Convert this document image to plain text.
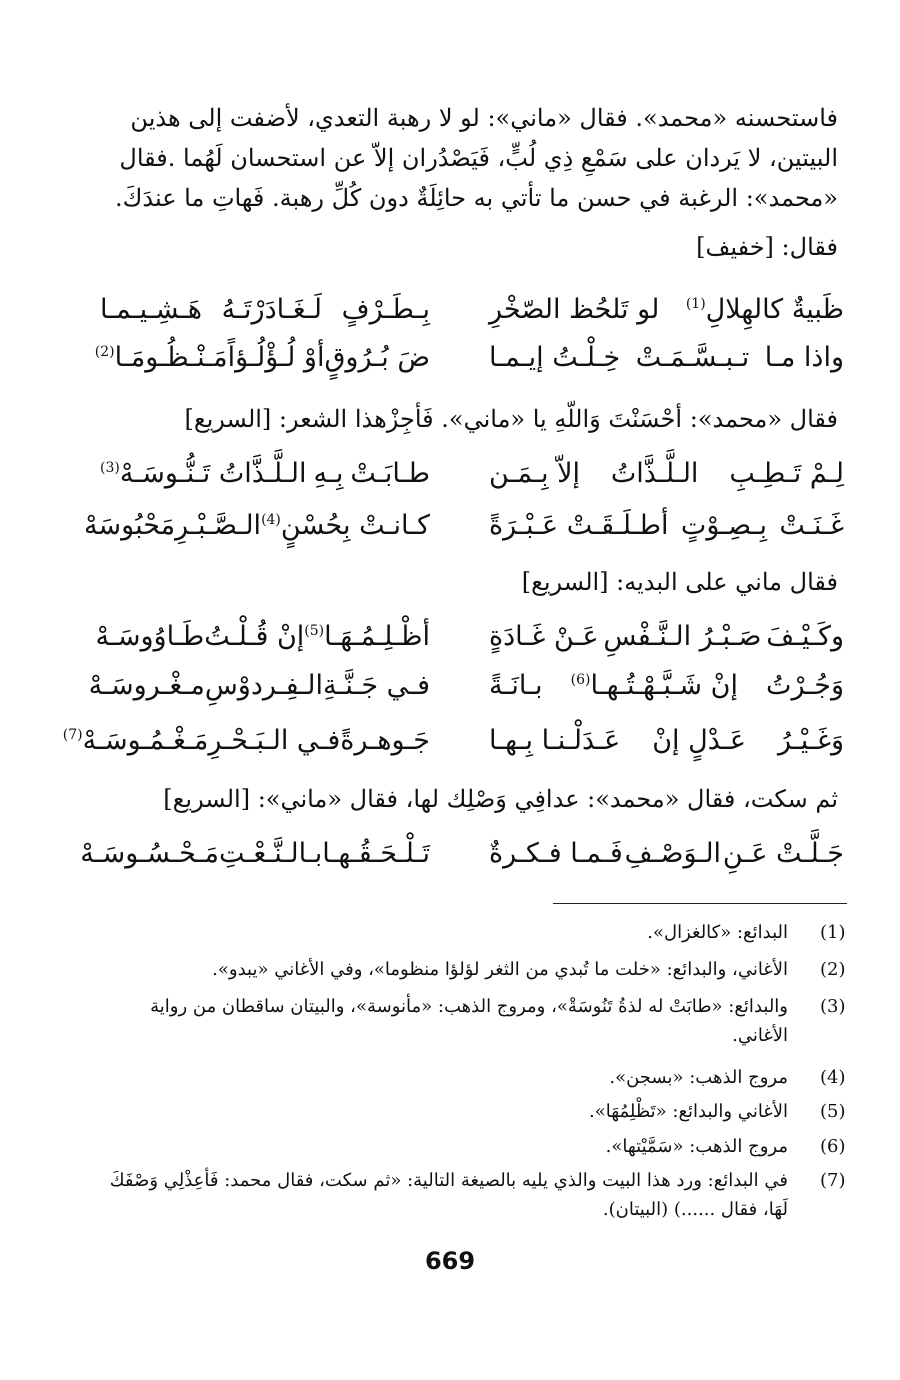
فاستحسنه «محمد». فقال «ماني»: لو لا رهبة التعدي، لأضفت إلى هذين
البيتين، لا يَردان على سَمْعِ ذِي لُبٍّ، فَيَصْدُران إلاّ عن استحسان لَهُما .فقال
«محمد»: الرغبة في حسن ما تأتي به حائِلَةٌ دون كُلِّ رهبة. فَهاتِ ما عندَكَ.
فقال: [خفيف]
ظَبيةٌ كالهِلالِ$^{(1)}$
لو تَلحُظ الصّخْرِ
بِـطَـرْفٍ
لَـغَـادَرْتَـهُ
هَـشِـيـمـا
واذا مـا
تـبـسَّـمَـتْ
خِـلْـتُ إيـمـا
ضَ بُـرُوقٍ
أوْ لُـؤْلُـؤاً
مَـنْـظُـومَـا$^{(2)}$
فقال «محمد»: أحْسَنْتَ وَاللّهِ يا «ماني». فَأجِزْهذا الشعر: [السريع]
لِـمْ تَـطِـبِ
الـلَّـذَّاتُ
إلاّ بِـمَـن
طـابَـتْ
بِـهِ
الـلَّـذَّاتُ تَـنُّـوسَـهْ$^{(3)}$
غَـنَـتْ
بِـصِـوْتٍ
أطـلَـقَـتْ عَـبْـرَةً
كـانـتْ بِحُسْنٍ$^{(4)}$
الـصَّـبْـرِ
مَحْبُوسَهْ
فقال ماني على البديه: [السريع]
وكَـيْـفَ
صَـبْـرُ الـنَّـفْسِ
عَـنْ غَـادَةٍ
أظْـلِـمُـهَـا$^{(5)}$
إنْ قُـلْـتُ
طَـاوُوسَـهْ
وَجُـرْتُ
إنْ شَـبَّـهْـتُـهـا$^{(6)}$
بـانَـةً
فـي جَـنَّـةِ
الـفِـردوْسِ
مـغْـروسَـهْ
وَغَـيْـرُ
عَـدْلٍ إنْ
عَـدَلْـنـا بِـهـا
جَـوهـرةً
فـي الـبَـحْـرِ
مَـغْـمُـوسَـهْ$^{(7)}$
ثم سكت، فقال «محمد»: عدافِي وَصْلِك لها، فقال «ماني»: [السريع]
جَـلَّـتْ عَـنِ
الـوَصْـفِ
فَـمـا فـكـرةٌ
تَـلْـحَـقُـهـا
بـالـنَّـعْـتِ
مَـحْـسُـوسَـهْ
(1)
البدائع: «كالغزال».
(2)
الأغاني، والبدائع: «خلت ما تُبدي من الثغر لؤلؤا منظوما»، وفي الأغاني «يبدو».
(3)
والبدائع: «طابَتْ له لذةُ تَنُوسَةْ»، ومروج الذهب: «مأنوسة»، والبيتان ساقطان من رواية الأغاني.
(4)
مروج الذهب: «بسجن».
(5)
الأغاني والبدائع: «تَظْلِمُهَا».
(6)
مروج الذهب: «سَمَّيْتها».
(7)
في البدائع: ورد هذا البيت والذي يليه بالصيغة التالية: «ثم سكت، فقال محمد: فَأعِذْلِي وَصْفَكَ لَهَا، فقال ......) (البيتان).
669
